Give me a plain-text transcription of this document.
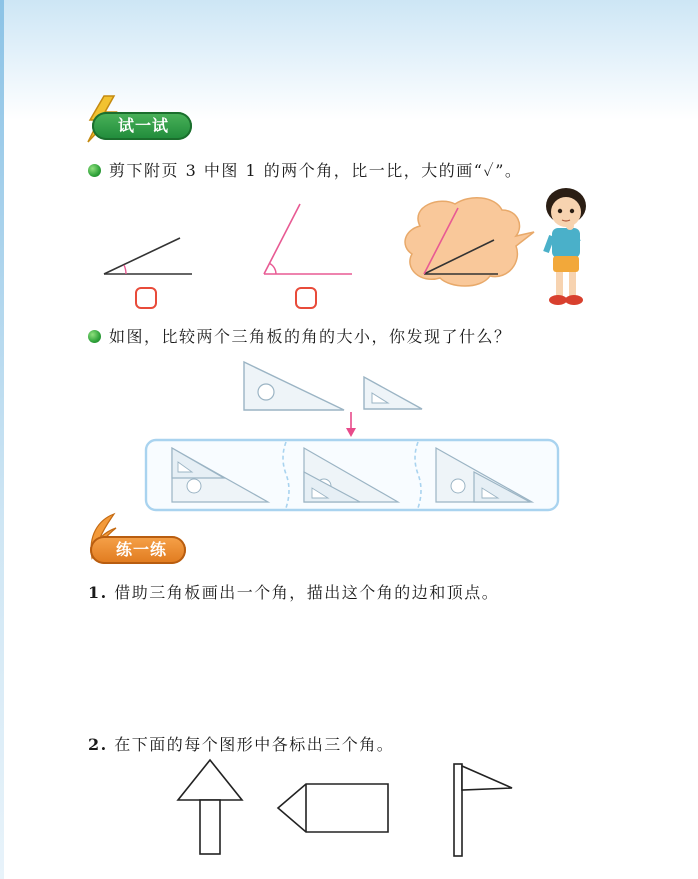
试一试
剪下附页 3 中图 1 的两个角，比一比，大的画“✓”。
如图，比较两个三角板的角的大小，你发现了什么？
练一练
1. 借助三角板画出一个角，描出这个角的边和顶点。
2. 在下面的每个图形中各标出三个角。
